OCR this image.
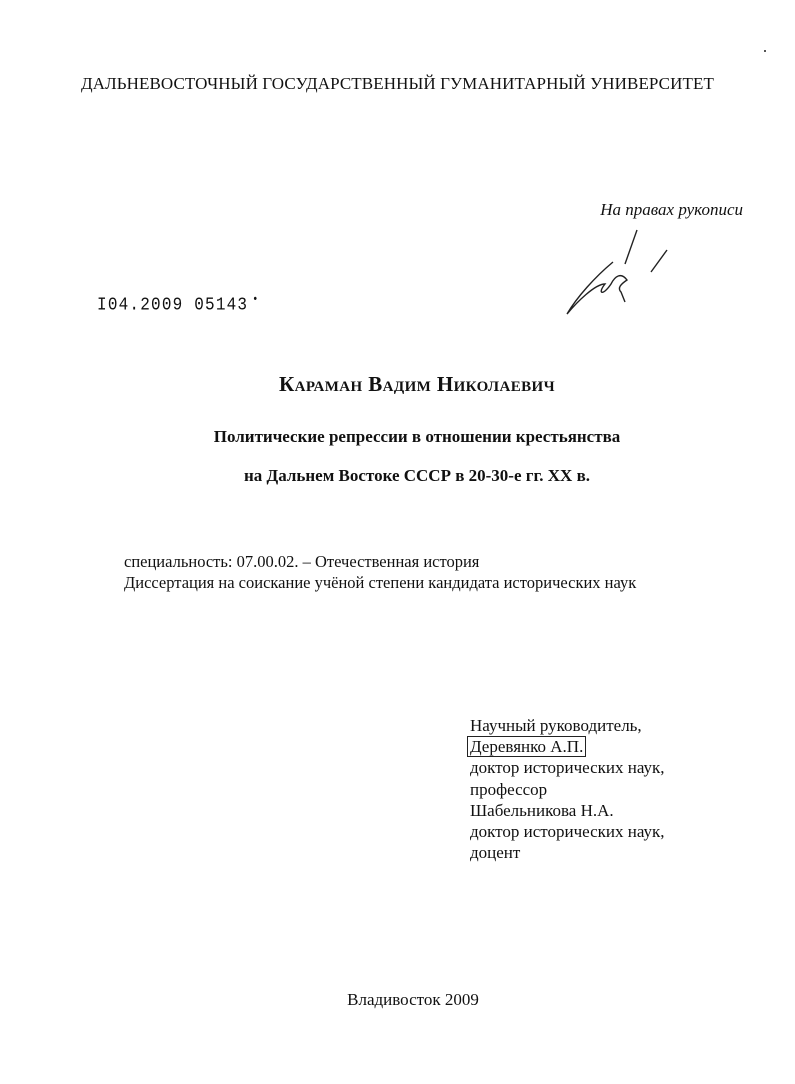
ДАЛЬНЕВОСТОЧНЫЙ ГОСУДАРСТВЕННЫЙ ГУМАНИТАРНЫЙ УНИВЕРСИТЕТ
На правах рукописи
I04.2009 05143 •
Караман Вадим Николаевич
Политические репрессии в отношении крестьянства
на Дальнем Востоке СССР в 20-30-е гг. XX в.
специальность: 07.00.02. – Отечественная история
Диссертация на соискание учёной степени кандидата исторических наук
Научный руководитель,
Деревянко А.П.
доктор исторических наук,
профессор
Шабельникова Н.А.
доктор исторических наук,
доцент
Владивосток 2009
